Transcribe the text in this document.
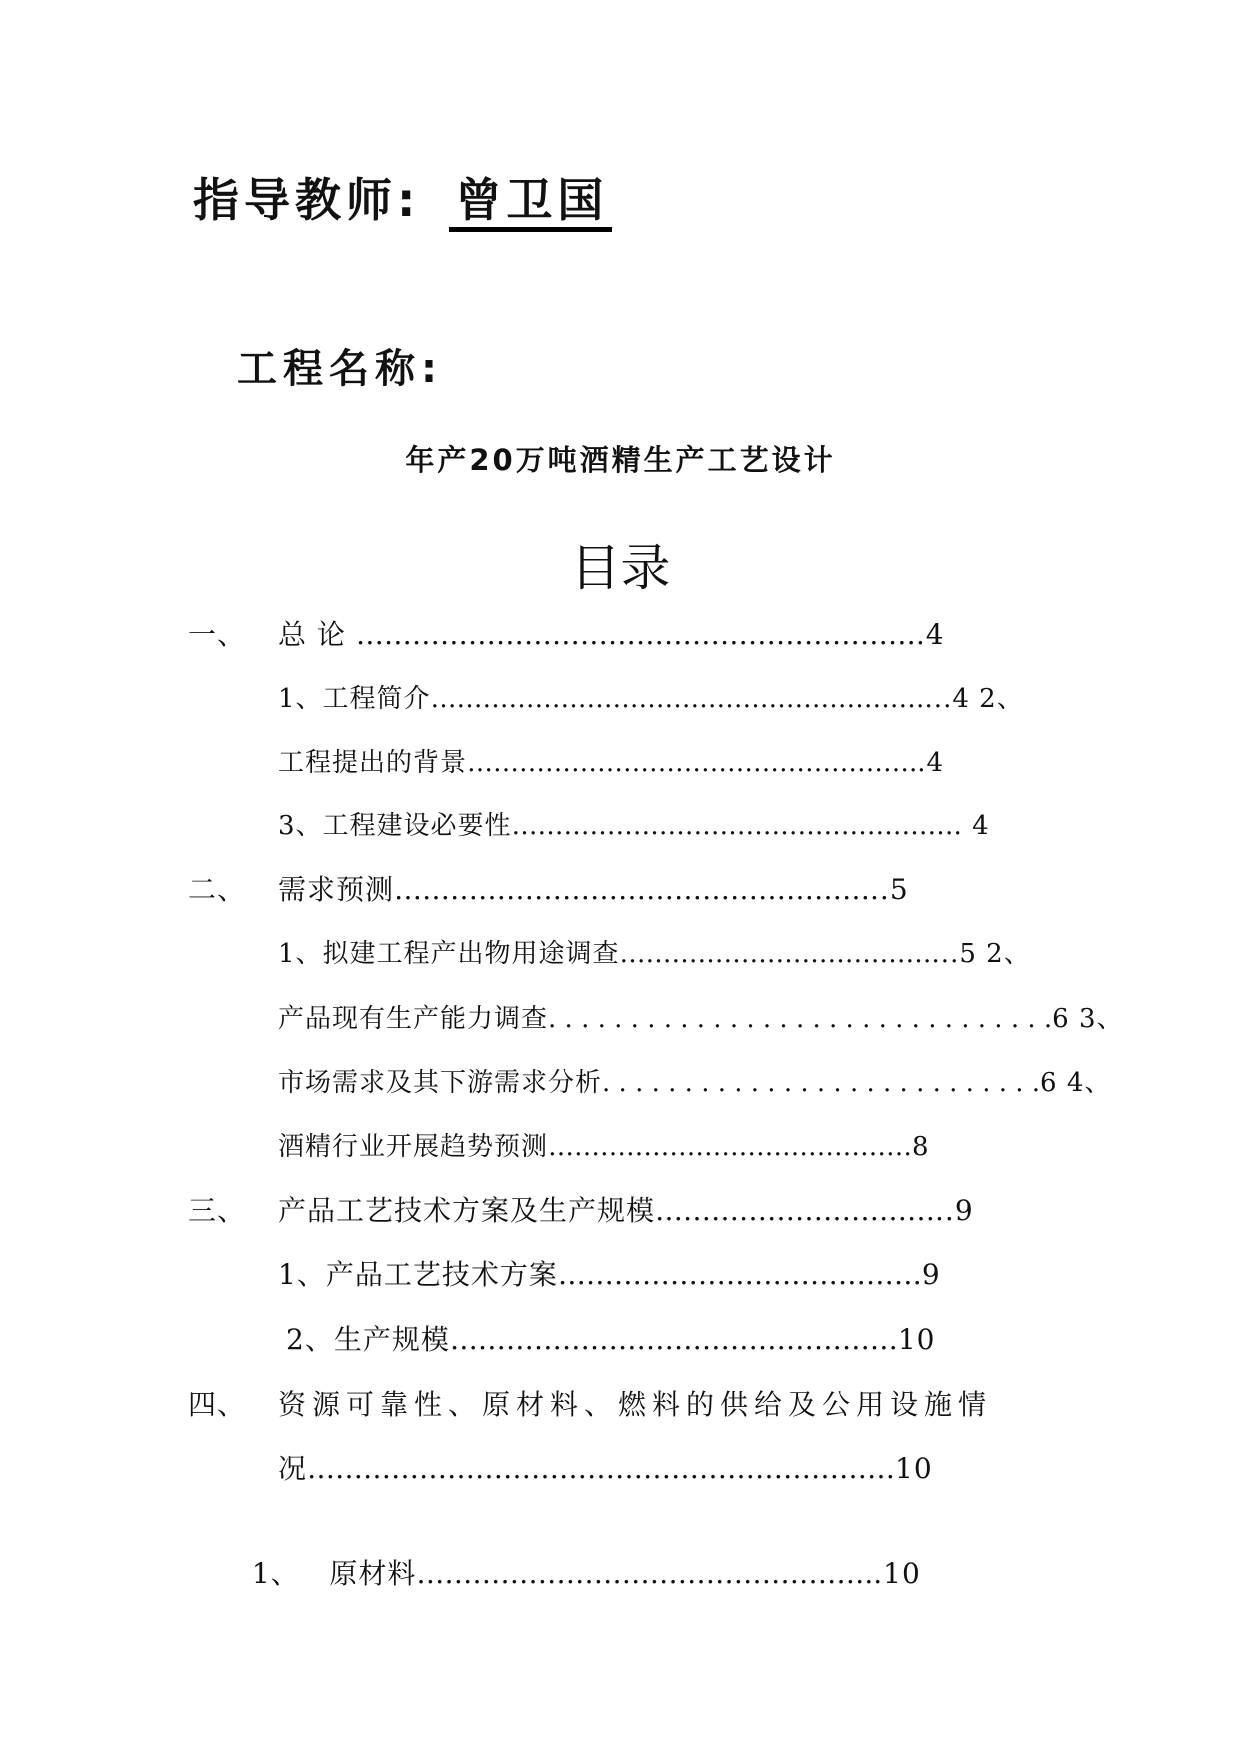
指导教师: 曾卫国
工程名称:
年产20万吨酒精生产工艺设计
目录
一、 总 论 …………………………………………………….4
1、工程简介…………………………………………………...4 2、
工程提出的背景……………………………………………..4
3、工程建设必要性……………………………………………. 4
二、 需求预测……………………………………………..5
1、拟建工程产出物用途调查………………………………...5 2、
产品现有生产能力调查. . . . . . . . . . . . . . . . . . . . . . . . . . . . . . .6 3、
市场需求及其下游需求分析. . . . . . . . . . . . . . . . . . . . . . . . . . .6 4、
酒精行业开展趋势预测……………………………………8
三、 产品工艺技术方案及生产规模…………………………..9
1、产品工艺技术方案…………………………………9
2、生产规模…………………………………………10
四、 资源可靠性、原材料、燃料的供给及公用设施情
况………………………………………………………10

1、   原材料…………………………………………..10
